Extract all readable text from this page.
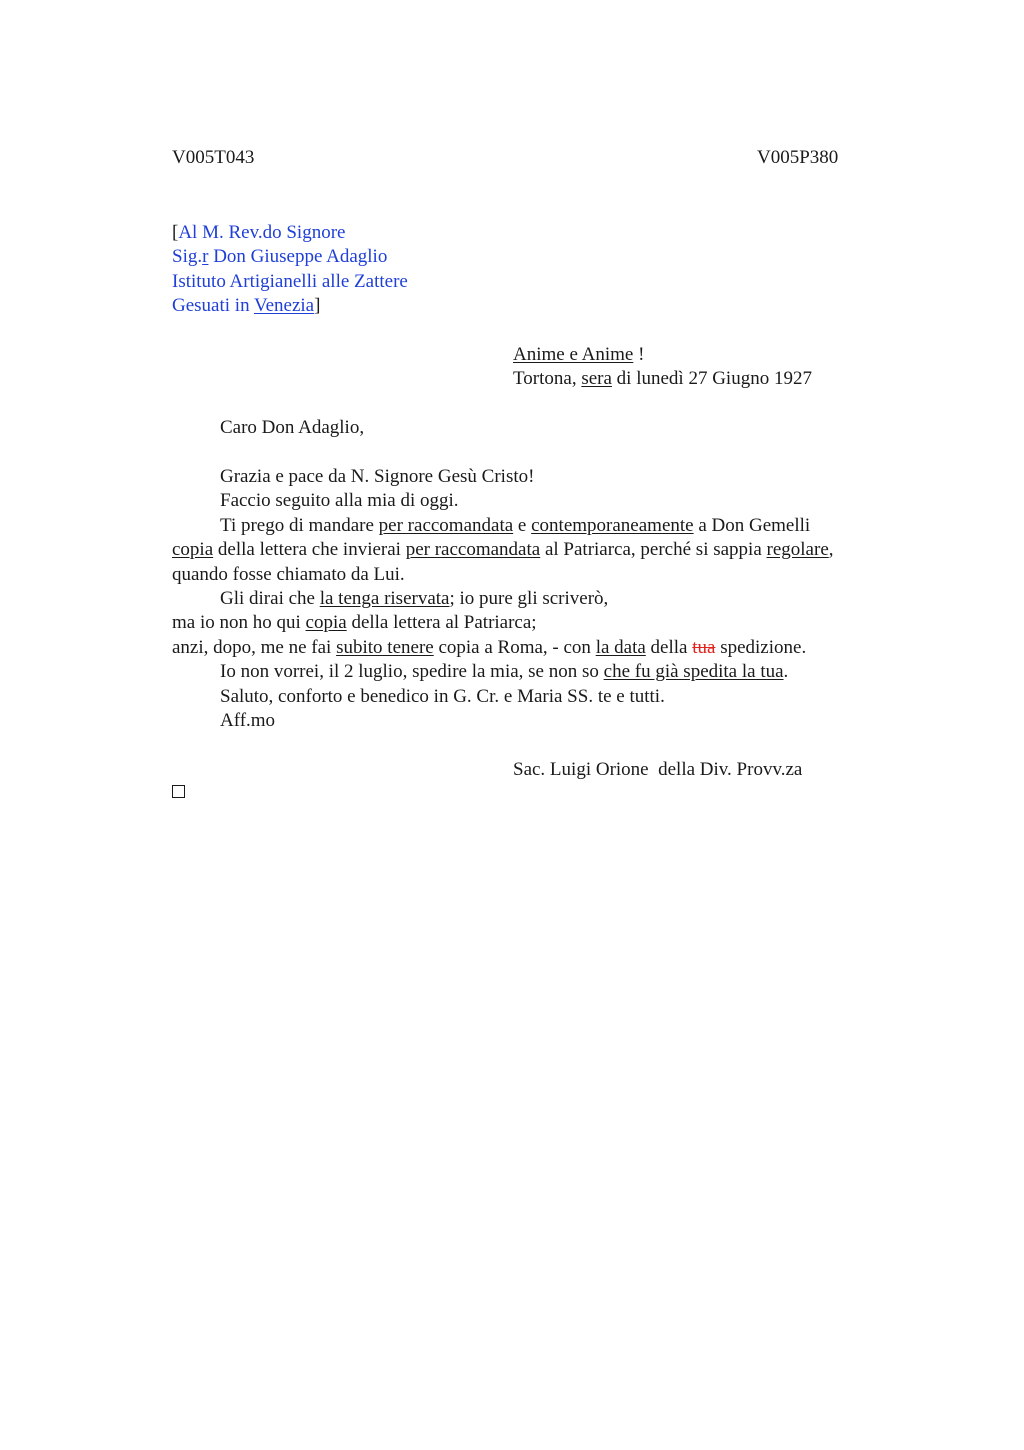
V005T043	V005P380
[Al M. Rev.do Signore
Sig.r Don Giuseppe Adaglio
Istituto Artigianelli alle Zattere
Gesuati in Venezia]
Anime e Anime !
Tortona, sera di lunedì 27 Giugno 1927
Caro Don Adaglio,
Grazia e pace da N. Signore Gesù Cristo!
Faccio seguito alla mia di oggi.
Ti prego di mandare per raccomandata e contemporaneamente a Don Gemelli
copia della lettera che invierai per raccomandata al Patriarca, perché si sappia regolare,
quando fosse chiamato da Lui.
Gli dirai che la tenga riservata; io pure gli scriverò,
ma io non ho qui copia della lettera al Patriarca;
anzi, dopo, me ne fai subito tenere copia a Roma, - con la data della tua spedizione.
Io non vorrei, il 2 luglio, spedire la mia, se non so che fu già spedita la tua.
Saluto, conforto e benedico in G. Cr. e Maria SS. te e tutti.
Aff.mo
Sac. Luigi Orione  della Div. Provv.za
